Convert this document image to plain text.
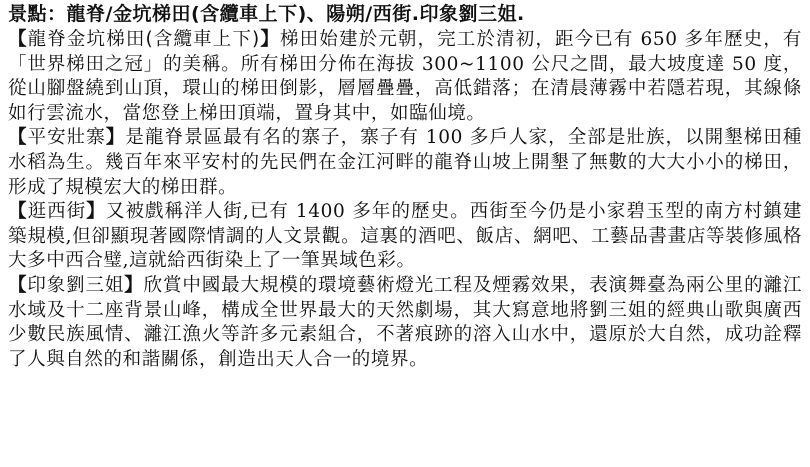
景點：龍脊/金坑梯田(含纜車上下)、陽朔/西街.印象劉三姐.

【龍脊金坑梯田(含纜車上下)】梯田始建於元朝，完工於清初，距今已有 650 多年歷史，有「世界梯田之冠」的美稱。所有梯田分佈在海拔 300~1100 公尺之間，最大坡度達 50 度，從山腳盤繞到山頂，環山的梯田倒影，層層疊疊，高低錯落；在清晨薄霧中若隱若現，其線條如行雲流水，當您登上梯田頂端，置身其中，如臨仙境。

【平安壯寨】是龍脊景區最有名的寨子，寨子有 100 多戶人家，全部是壯族，以開墾梯田種水稻為生。幾百年來平安村的先民們在金江河畔的龍脊山坡上開墾了無數的大大小小的梯田，形成了規模宏大的梯田群。

【逛西街】又被戲稱洋人街,已有 1400 多年的歷史。西街至今仍是小家碧玉型的南方村鎮建築規模,但卻顯現著國際情調的人文景觀。這裏的酒吧、飯店、網吧、工藝品書畫店等裝修風格大多中西合璧,這就給西街染上了一筆異域色彩。

【印象劉三姐】欣賞中國最大規模的環境藝術燈光工程及煙霧效果，表演舞臺為兩公里的灕江水域及十二座背景山峰，構成全世界最大的天然劇場，其大寫意地將劉三姐的經典山歌與廣西少數民族風情、灕江漁火等許多元素組合，不著痕跡的溶入山水中，還原於大自然，成功詮釋了人與自然的和諧關係，創造出天人合一的境界。
